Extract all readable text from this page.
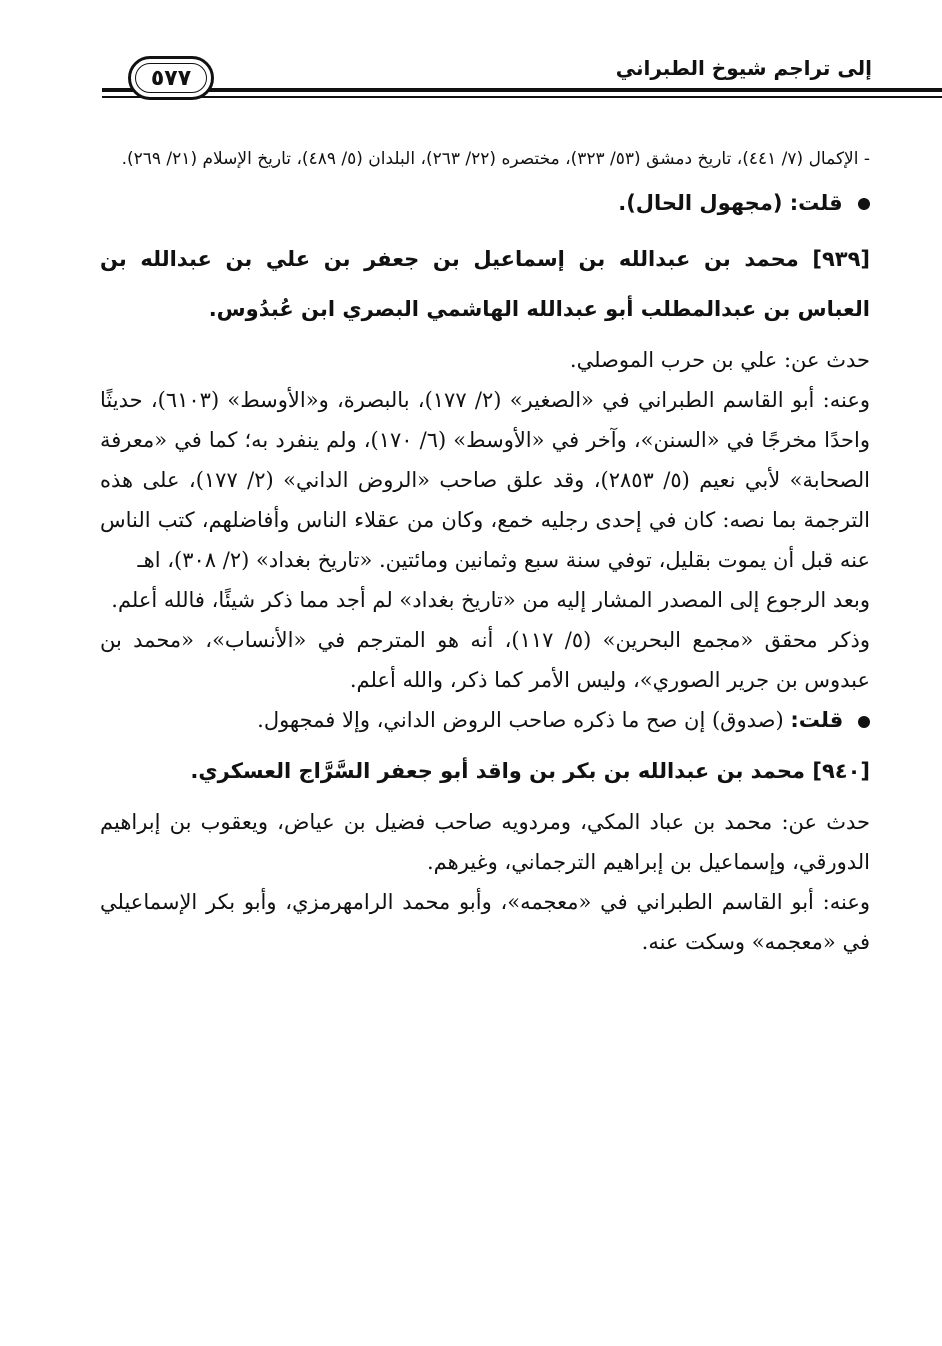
إلى تراجم شيوخ الطبراني
٥٧٧

- الإكمال (٧/ ٤٤١)، تاريخ دمشق (٥٣/ ٣٢٣)، مختصره (٢٢/ ٢٦٣)، البلدان (٥/ ٤٨٩)، تاريخ الإسلام (٢١/ ٢٦٩).

قلت: (مجهول الحال).

[٩٣٩] محمد بن عبدالله بن إسماعيل بن جعفر بن علي بن عبدالله بن العباس بن عبدالمطلب أبو عبدالله الهاشمي البصري ابن عُبدُوس.

حدث عن: علي بن حرب الموصلي.

وعنه: أبو القاسم الطبراني في «الصغير» (٢/ ١٧٧)، بالبصرة، و«الأوسط» (٦١٠٣)، حديثًا واحدًا مخرجًا في «السنن»، وآخر في «الأوسط» (٦/ ١٧٠)، ولم ينفرد به؛ كما في «معرفة الصحابة» لأبي نعيم (٥/ ٢٨٥٣)، وقد علق صاحب «الروض الداني» (٢/ ١٧٧)، على هذه الترجمة بما نصه: كان في إحدى رجليه خمع، وكان من عقلاء الناس وأفاضلهم، كتب الناس عنه قبل أن يموت بقليل، توفي سنة سبع وثمانين ومائتين. «تاريخ بغداد» (٢/ ٣٠٨)، اهـ

وبعد الرجوع إلى المصدر المشار إليه من «تاريخ بغداد» لم أجد مما ذكر شيئًا، فالله أعلم.

وذكر محقق «مجمع البحرين» (٥/ ١١٧)، أنه هو المترجم في «الأنساب»، «محمد بن عبدوس بن جرير الصوري»، وليس الأمر كما ذكر، والله أعلم.

قلت: (صدوق) إن صح ما ذكره صاحب الروض الداني، وإلا فمجهول.

[٩٤٠] محمد بن عبدالله بن بكر بن واقد أبو جعفر السَّرَّاج العسكري.

حدث عن: محمد بن عباد المكي، ومردويه صاحب فضيل بن عياض، ويعقوب بن إبراهيم الدورقي، وإسماعيل بن إبراهيم الترجماني، وغيرهم.

وعنه: أبو القاسم الطبراني في «معجمه»، وأبو محمد الرامهرمزي، وأبو بكر الإسماعيلي في «معجمه» وسكت عنه.
